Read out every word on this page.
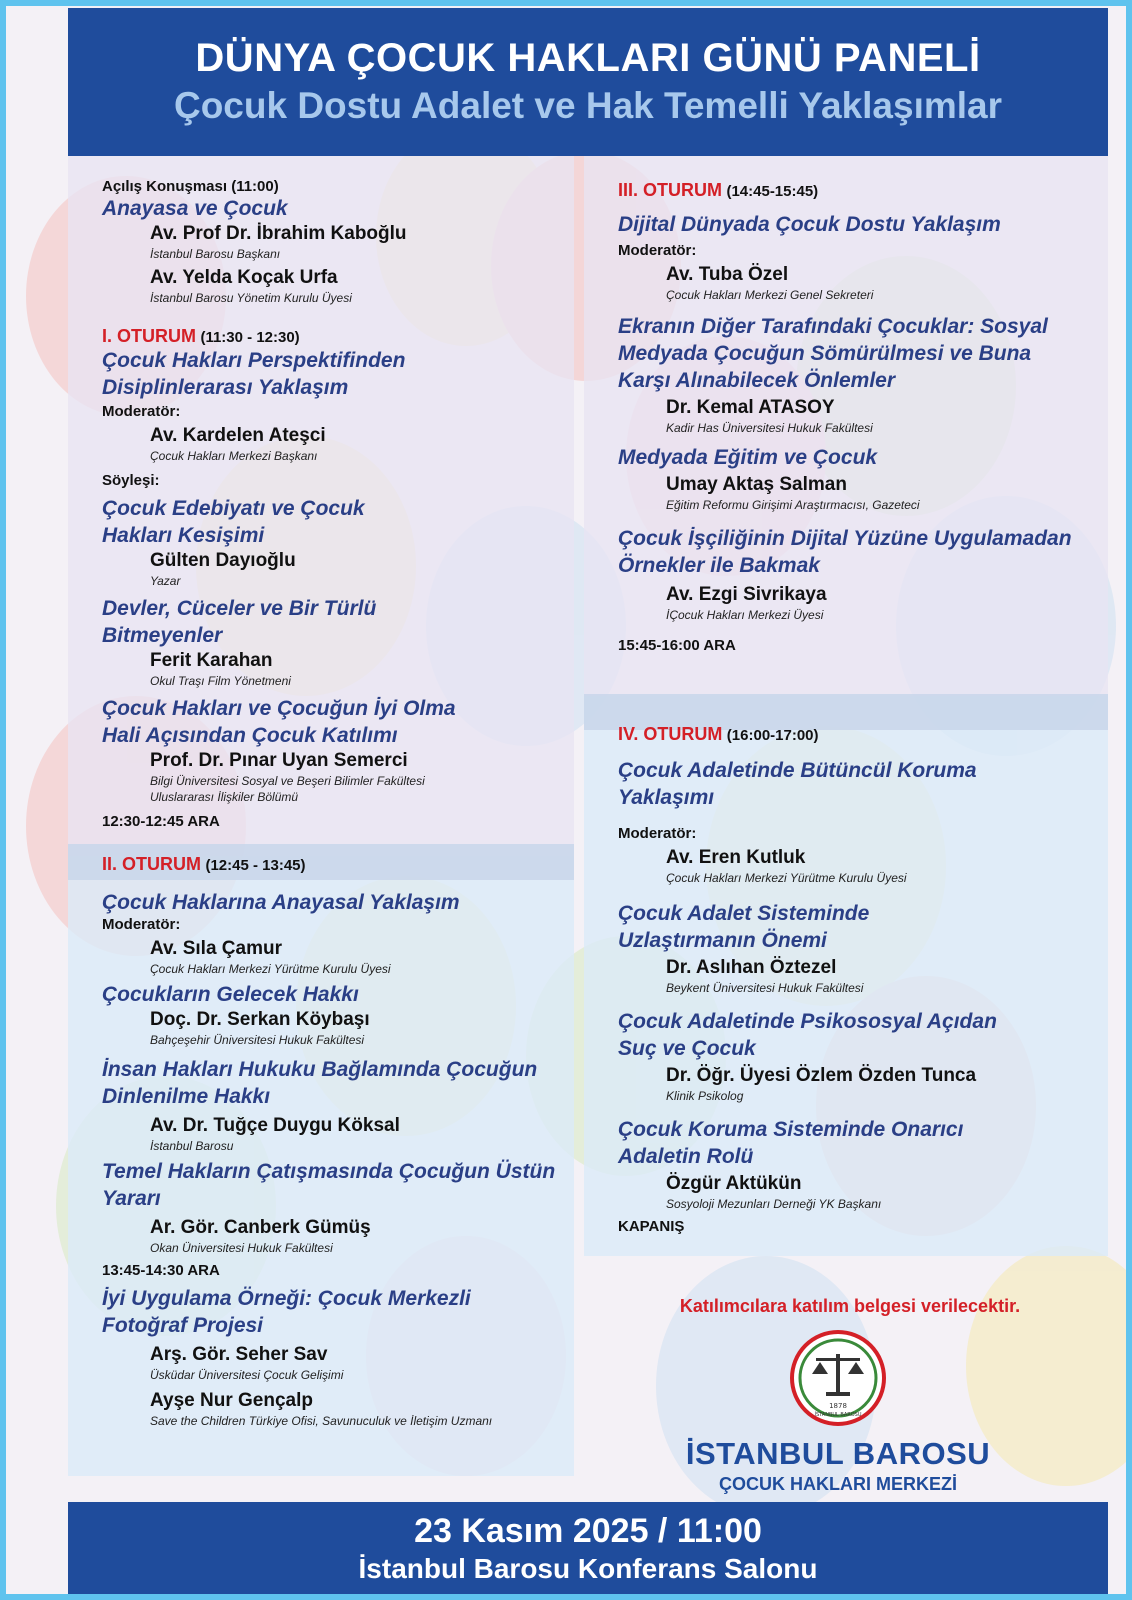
DÜNYA ÇOCUK HAKLARI GÜNÜ PANELİ
Çocuk Dostu Adalet ve Hak Temelli Yaklaşımlar
Açılış Konuşması (11:00)
Anayasa ve Çocuk
Av. Prof Dr. İbrahim Kaboğlu
İstanbul Barosu Başkanı
Av. Yelda Koçak Urfa
İstanbul Barosu Yönetim Kurulu Üyesi
I. OTURUM (11:30 - 12:30)
Çocuk Hakları Perspektifinden
Disiplinlerarası Yaklaşım
Moderatör:
Av. Kardelen Ateşci
Çocuk Hakları Merkezi Başkanı
Söyleşi:
Çocuk Edebiyatı ve Çocuk
Hakları Kesişimi
Gülten Dayıoğlu
Yazar
Devler, Cüceler ve Bir Türlü
Bitmeyenler
Ferit Karahan
Okul Traşı Film Yönetmeni
Çocuk Hakları ve Çocuğun İyi Olma
Hali Açısından Çocuk Katılımı
Prof. Dr. Pınar Uyan Semerci
Bilgi Üniversitesi Sosyal ve Beşeri Bilimler Fakültesi
Uluslararası İlişkiler Bölümü
12:30-12:45 ARA
II. OTURUM (12:45 - 13:45)
Çocuk Haklarına Anayasal Yaklaşım
Moderatör:
Av. Sıla Çamur
Çocuk Hakları Merkezi Yürütme Kurulu Üyesi
Çocukların Gelecek Hakkı
Doç. Dr. Serkan Köybaşı
Bahçeşehir Üniversitesi Hukuk Fakültesi
İnsan Hakları Hukuku Bağlamında Çocuğun
Dinlenilme Hakkı
Av. Dr. Tuğçe Duygu Köksal
İstanbul Barosu
Temel Hakların Çatışmasında Çocuğun Üstün
Yararı
Ar. Gör. Canberk Gümüş
Okan Üniversitesi Hukuk Fakültesi
13:45-14:30 ARA
İyi Uygulama Örneği: Çocuk Merkezli
Fotoğraf Projesi
Arş. Gör. Seher Sav
Üsküdar Üniversitesi Çocuk Gelişimi
Ayşe Nur Gençalp
Save the Children Türkiye Ofisi, Savunuculuk ve İletişim Uzmanı
III. OTURUM (14:45-15:45)
Dijital Dünyada Çocuk Dostu Yaklaşım
Moderatör:
Av. Tuba Özel
Çocuk Hakları Merkezi Genel Sekreteri
Ekranın Diğer Tarafındaki Çocuklar: Sosyal
Medyada Çocuğun Sömürülmesi ve Buna
Karşı Alınabilecek Önlemler
Dr. Kemal ATASOY
Kadir Has Üniversitesi Hukuk Fakültesi
Medyada Eğitim ve Çocuk
Umay Aktaş Salman
Eğitim Reformu Girişimi Araştırmacısı, Gazeteci
Çocuk İşçiliğinin Dijital Yüzüne Uygulamadan
Örnekler ile Bakmak
Av. Ezgi Sivrikaya
İÇocuk Hakları Merkezi Üyesi
15:45-16:00 ARA
IV. OTURUM (16:00-17:00)
Çocuk Adaletinde Bütüncül Koruma
Yaklaşımı
Moderatör:
Av. Eren Kutluk
Çocuk Hakları Merkezi Yürütme Kurulu Üyesi
Çocuk Adalet Sisteminde
Uzlaştırmanın Önemi
Dr. Aslıhan Öztezel
Beykent Üniversitesi Hukuk Fakültesi
Çocuk Adaletinde Psikososyal Açıdan
Suç ve Çocuk
Dr. Öğr. Üyesi Özlem Özden Tunca
Klinik Psikolog
Çocuk Koruma Sisteminde Onarıcı
Adaletin Rolü
Özgür Aktükün
Sosyoloji Mezunları Derneği YK Başkanı
KAPANIŞ
Katılımcılara katılım belgesi verilecektir.
1878
İSTANBUL BAROSU
İSTANBUL BAROSU
ÇOCUK HAKLARI MERKEZİ
23 Kasım 2025 / 11:00
İstanbul Barosu Konferans Salonu
